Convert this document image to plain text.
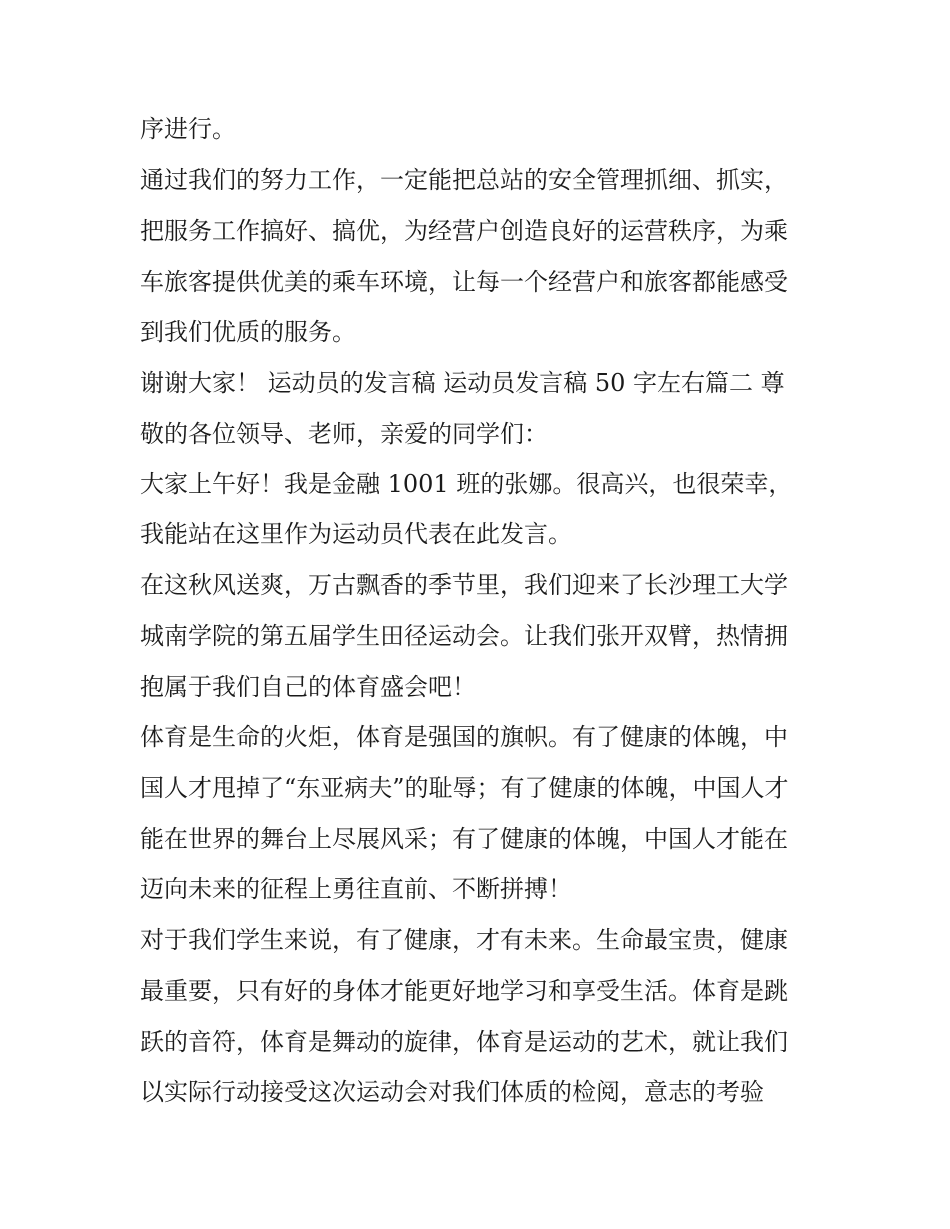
序进行。
通过我们的努力工作，一定能把总站的安全管理抓细、抓实，
把服务工作搞好、搞优，为经营户创造良好的运营秩序，为乘
车旅客提供优美的乘车环境，让每一个经营户和旅客都能感受
到我们优质的服务。
谢谢大家！ 运动员的发言稿 运动员发言稿 50 字左右篇二 尊
敬的各位领导、老师，亲爱的同学们：
大家上午好！我是金融 1001 班的张娜。很高兴，也很荣幸，
我能站在这里作为运动员代表在此发言。
在这秋风送爽，万古飘香的季节里，我们迎来了长沙理工大学
城南学院的第五届学生田径运动会。让我们张开双臂，热情拥
抱属于我们自己的体育盛会吧！
体育是生命的火炬，体育是强国的旗帜。有了健康的体魄，中
国人才甩掉了“东亚病夫”的耻辱；有了健康的体魄，中国人才
能在世界的舞台上尽展风采；有了健康的体魄，中国人才能在
迈向未来的征程上勇往直前、不断拼搏！
对于我们学生来说，有了健康，才有未来。生命最宝贵，健康
最重要，只有好的身体才能更好地学习和享受生活。体育是跳
跃的音符，体育是舞动的旋律，体育是运动的艺术，就让我们
以实际行动接受这次运动会对我们体质的检阅，意志的考验
